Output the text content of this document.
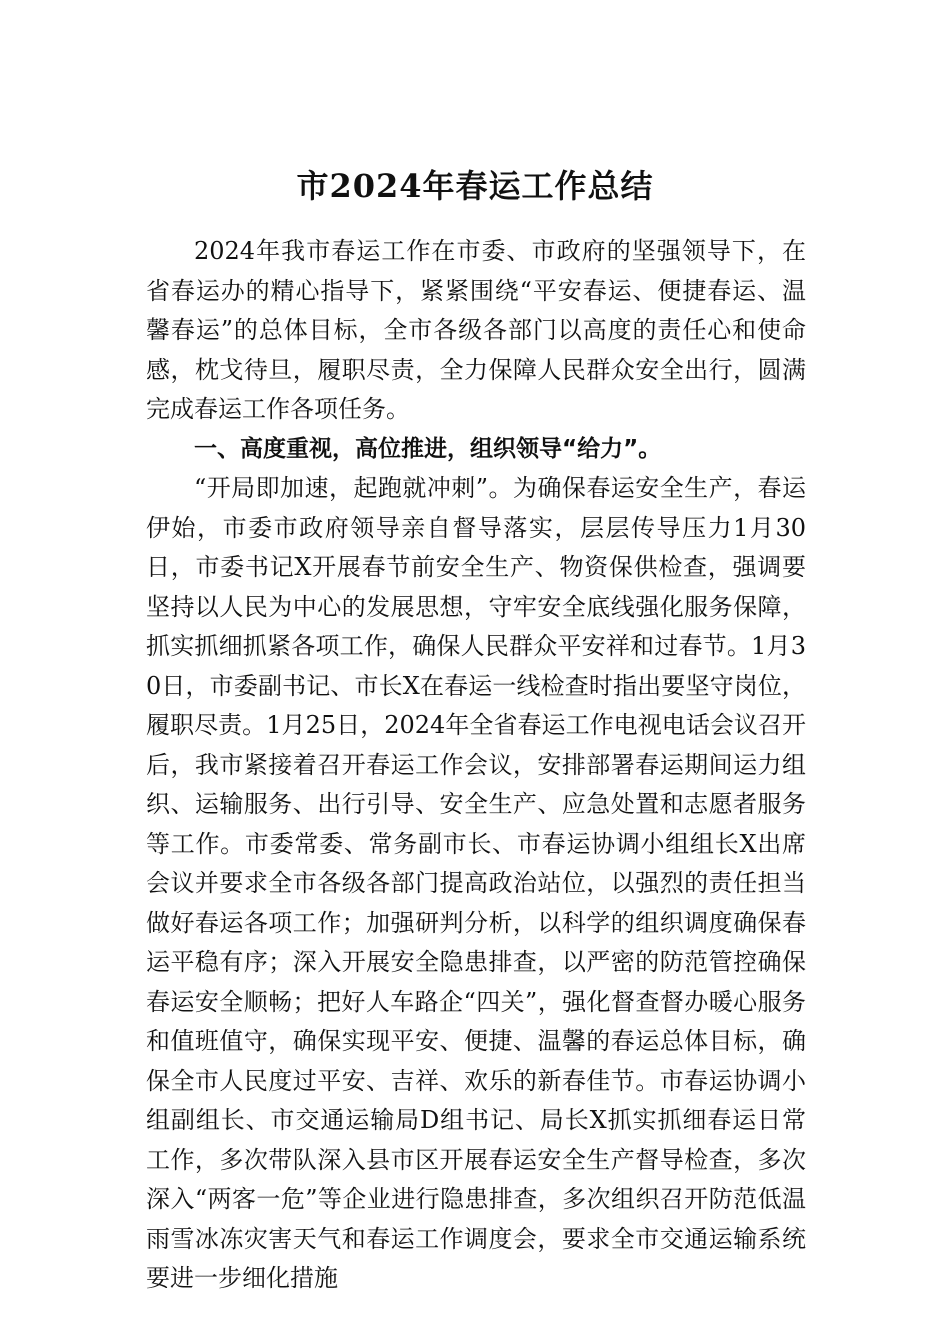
市2024年春运工作总结

2024年我市春运工作在市委、市政府的坚强领导下，在省春运办的精心指导下，紧紧围绕“平安春运、便捷春运、温馨春运”的总体目标，全市各级各部门以高度的责任心和使命感，枕戈待旦，履职尽责，全力保障人民群众安全出行，圆满完成春运工作各项任务。

一、高度重视，高位推进，组织领导“给力”。

“开局即加速，起跑就冲刺”。为确保春运安全生产，春运伊始，市委市政府领导亲自督导落实，层层传导压力1月30日，市委书记X开展春节前安全生产、物资保供检查，强调要坚持以人民为中心的发展思想，守牢安全底线强化服务保障，抓实抓细抓紧各项工作，确保人民群众平安祥和过春节。1月30日，市委副书记、市长X在春运一线检查时指出要坚守岗位，履职尽责。1月25日，2024年全省春运工作电视电话会议召开后，我市紧接着召开春运工作会议，安排部署春运期间运力组织、运输服务、出行引导、安全生产、应急处置和志愿者服务等工作。市委常委、常务副市长、市春运协调小组组长X出席会议并要求全市各级各部门提高政治站位，以强烈的责任担当做好春运各项工作；加强研判分析，以科学的组织调度确保春运平稳有序；深入开展安全隐患排查，以严密的防范管控确保春运安全顺畅；把好人车路企“四关”，强化督查督办暖心服务和值班值守，确保实现平安、便捷、温馨的春运总体目标，确保全市人民度过平安、吉祥、欢乐的新春佳节。市春运协调小组副组长、市交通运输局D组书记、局长X抓实抓细春运日常工作，多次带队深入县市区开展春运安全生产督导检查，多次深入“两客一危”等企业进行隐患排查，多次组织召开防范低温雨雪冰冻灾害天气和春运工作调度会，要求全市交通运输系统要进一步细化措施
